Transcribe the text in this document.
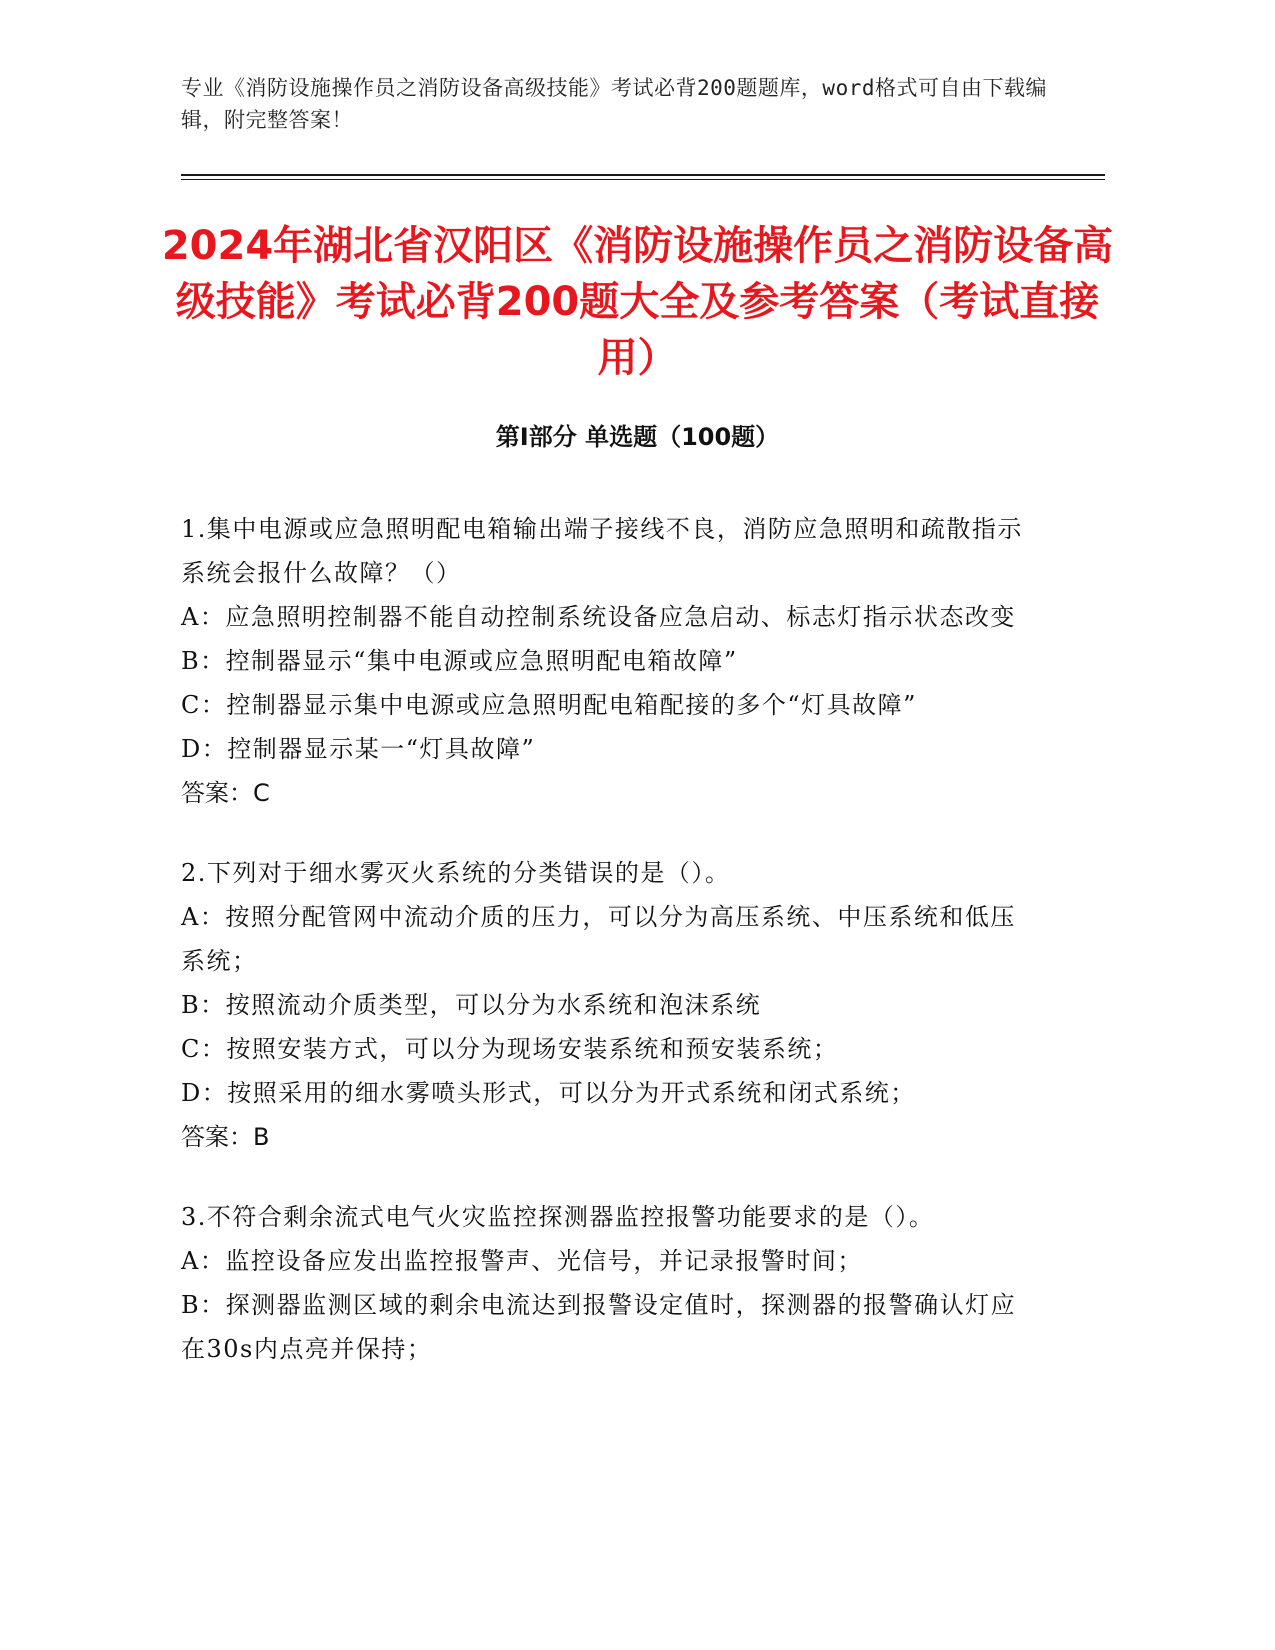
专业《消防设施操作员之消防设备高级技能》考试必背200题题库，word格式可自由下载编辑，附完整答案！
2024年湖北省汉阳区《消防设施操作员之消防设备高级技能》考试必背200题大全及参考答案（考试直接用）
第I部分 单选题（100题）

1.集中电源或应急照明配电箱输出端子接线不良，消防应急照明和疏散指示系统会报什么故障？（）

A：应急照明控制器不能自动控制系统设备应急启动、标志灯指示状态改变

B：控制器显示“集中电源或应急照明配电箱故障”

C：控制器显示集中电源或应急照明配电箱配接的多个“灯具故障”

D：控制器显示某一“灯具故障”

答案：C

2.下列对于细水雾灭火系统的分类错误的是（）。

A：按照分配管网中流动介质的压力，可以分为高压系统、中压系统和低压系统；

B：按照流动介质类型，可以分为水系统和泡沫系统

C：按照安装方式，可以分为现场安装系统和预安装系统；

D：按照采用的细水雾喷头形式，可以分为开式系统和闭式系统；

答案：B

3.不符合剩余流式电气火灾监控探测器监控报警功能要求的是（）。

A：监控设备应发出监控报警声、光信号，并记录报警时间；

B：探测器监测区域的剩余电流达到报警设定值时，探测器的报警确认灯应在30s内点亮并保持；
